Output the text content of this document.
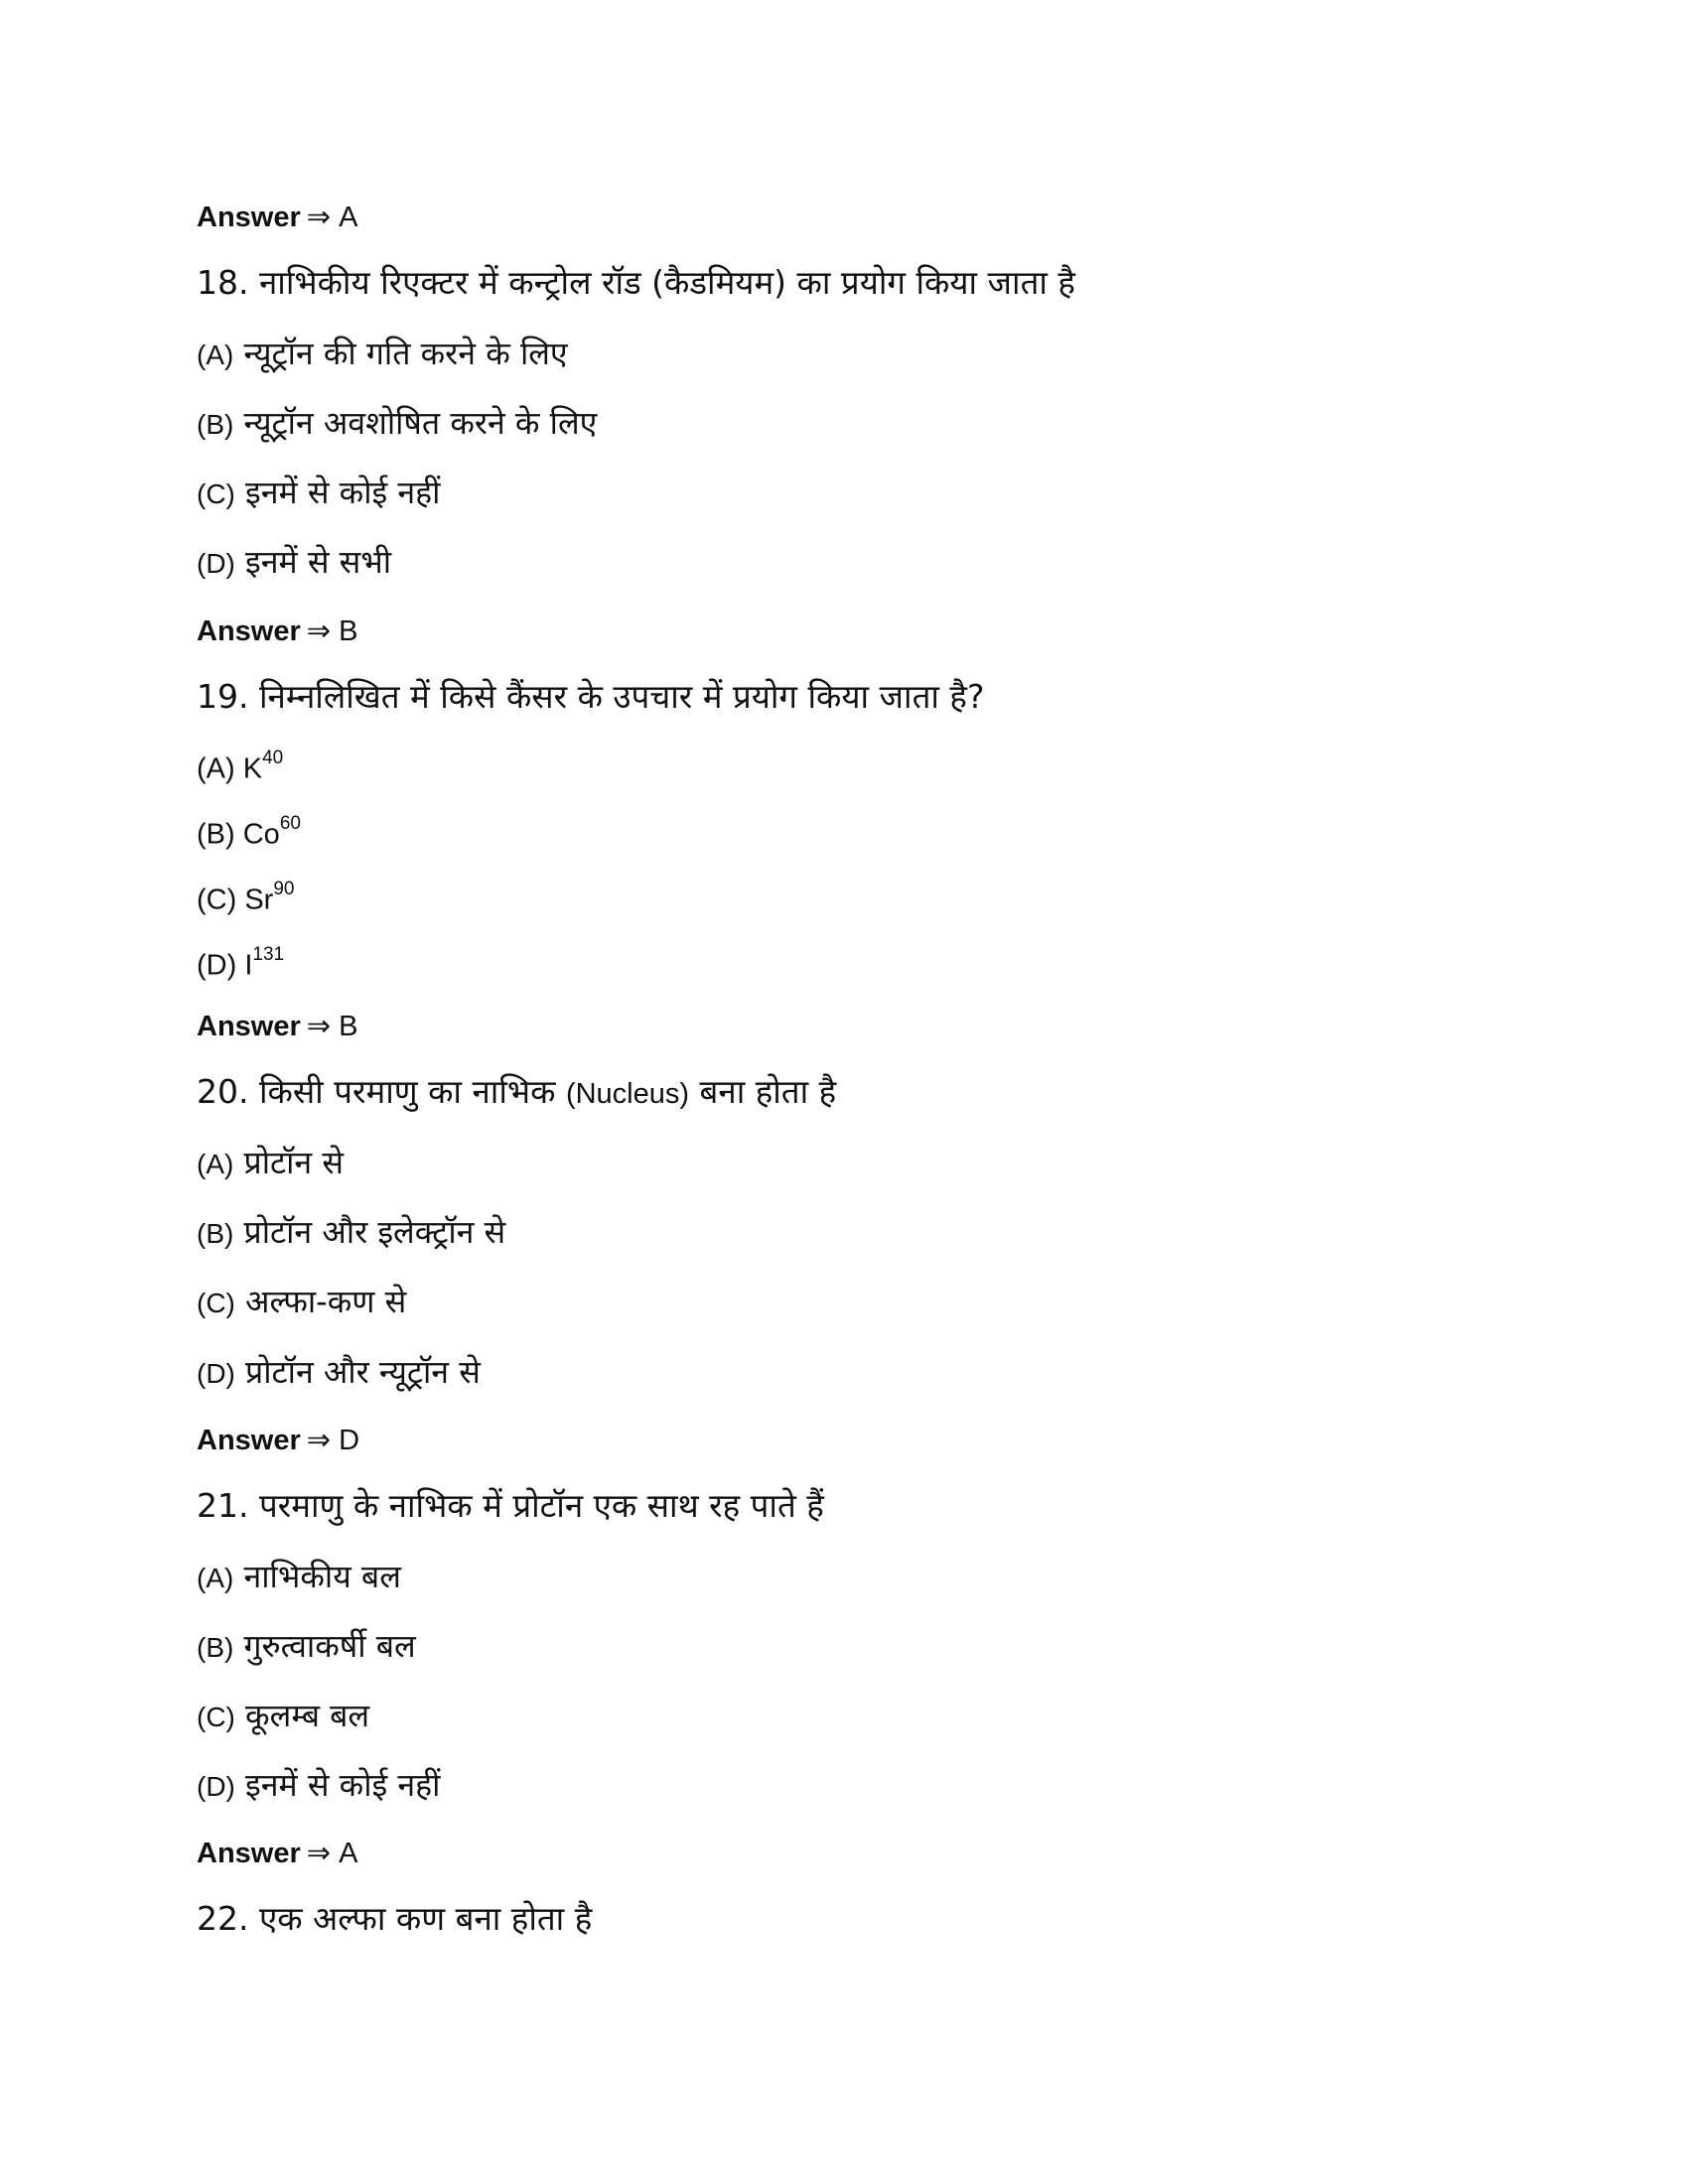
Answer ⇒ A
18. नाभिकीय रिएक्टर में कन्ट्रोल रॉड (कैडमियम) का प्रयोग किया जाता है
(A) न्यूट्रॉन की गति करने के लिए
(B) न्यूट्रॉन अवशोषित करने के लिए
(C) इनमें से कोई नहीं
(D) इनमें से सभी
Answer ⇒ B
19. निम्नलिखित में किसे कैंसर के उपचार में प्रयोग किया जाता है?
(A) $K^{40}$
(B) Co$^{60}$
(C) Sr$^{90}$
(D) $I^{131}$
Answer ⇒ B
20. किसी परमाणु का नाभिक (Nucleus) बना होता है
(A) प्रोटॉन से
(B) प्रोटॉन और इलेक्ट्रॉन से
(C) अल्फा-कण से
(D) प्रोटॉन और न्यूट्रॉन से
Answer ⇒ D
21. परमाणु के नाभिक में प्रोटॉन एक साथ रह पाते हैं
(A) नाभिकीय बल
(B) गुरुत्वाकर्षी बल
(C) कूलम्ब बल
(D) इनमें से कोई नहीं
Answer ⇒ A
22. एक अल्फा कण बना होता है
